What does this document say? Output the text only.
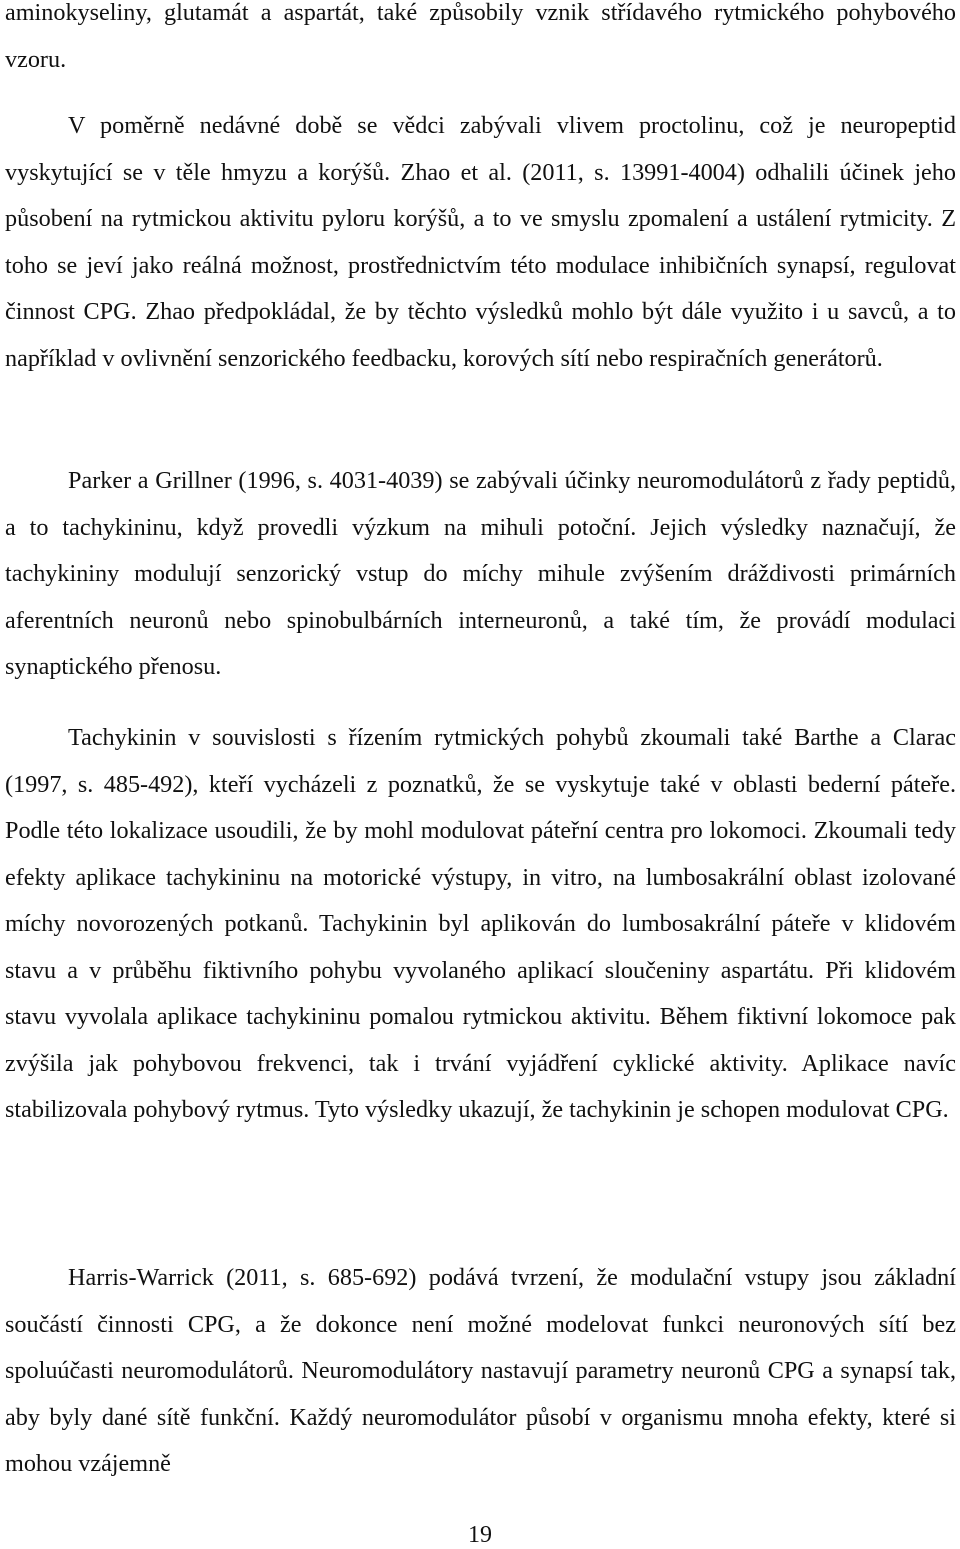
aminokyseliny, glutamát a aspartát, také způsobily vznik střídavého rytmického pohybového vzoru.

V poměrně nedávné době se vědci zabývali vlivem proctolinu, což je neuropeptid vyskytující se v těle hmyzu a korýšů. Zhao et al. (2011, s. 13991-4004) odhalili účinek jeho působení na rytmickou aktivitu pyloru korýšů, a to ve smyslu zpomalení a ustálení rytmicity. Z toho se jeví jako reálná možnost, prostřednictvím této modulace inhibičních synapsí, regulovat činnost CPG. Zhao předpokládal, že by těchto výsledků mohlo být dále využito i u savců, a to například v ovlivnění senzorického feedbacku, korových sítí nebo respiračních generátorů.

Parker a Grillner (1996, s. 4031-4039) se zabývali účinky neuromodulátorů z řady peptidů, a to tachykininu, když provedli výzkum na mihuli potoční. Jejich výsledky naznačují, že tachykininy modulují senzorický vstup do míchy mihule zvýšením dráždivosti primárních aferentních neuronů nebo spinobulbárních interneuronů, a také tím, že provádí modulaci synaptického přenosu.

Tachykinin v souvislosti s řízením rytmických pohybů zkoumali také Barthe a Clarac (1997, s. 485-492), kteří vycházeli z poznatků, že se vyskytuje také v oblasti bederní páteře. Podle této lokalizace usoudili, že by mohl modulovat páteřní centra pro lokomoci. Zkoumali tedy efekty aplikace tachykininu na motorické výstupy, in vitro, na lumbosakrální oblast izolované míchy novorozených potkanů. Tachykinin byl aplikován do lumbosakrální páteře v klidovém stavu a v průběhu fiktivního pohybu vyvolaného aplikací sloučeniny aspartátu. Při klidovém stavu vyvolala aplikace tachykininu pomalou rytmickou aktivitu. Během fiktivní lokomoce pak zvýšila jak pohybovou frekvenci, tak i trvání vyjádření cyklické aktivity. Aplikace navíc stabilizovala pohybový rytmus. Tyto výsledky ukazují, že tachykinin je schopen modulovat CPG.

Harris-Warrick (2011, s. 685-692) podává tvrzení, že modulační vstupy jsou základní součástí činnosti CPG, a že dokonce není možné modelovat funkci neuronových sítí bez spoluúčasti neuromodulátorů. Neuromodulátory nastavují parametry neuronů CPG a synapsí tak, aby byly dané sítě funkční. Každý neuromodulátor působí v organismu mnoha efekty, které si mohou vzájemně

19
